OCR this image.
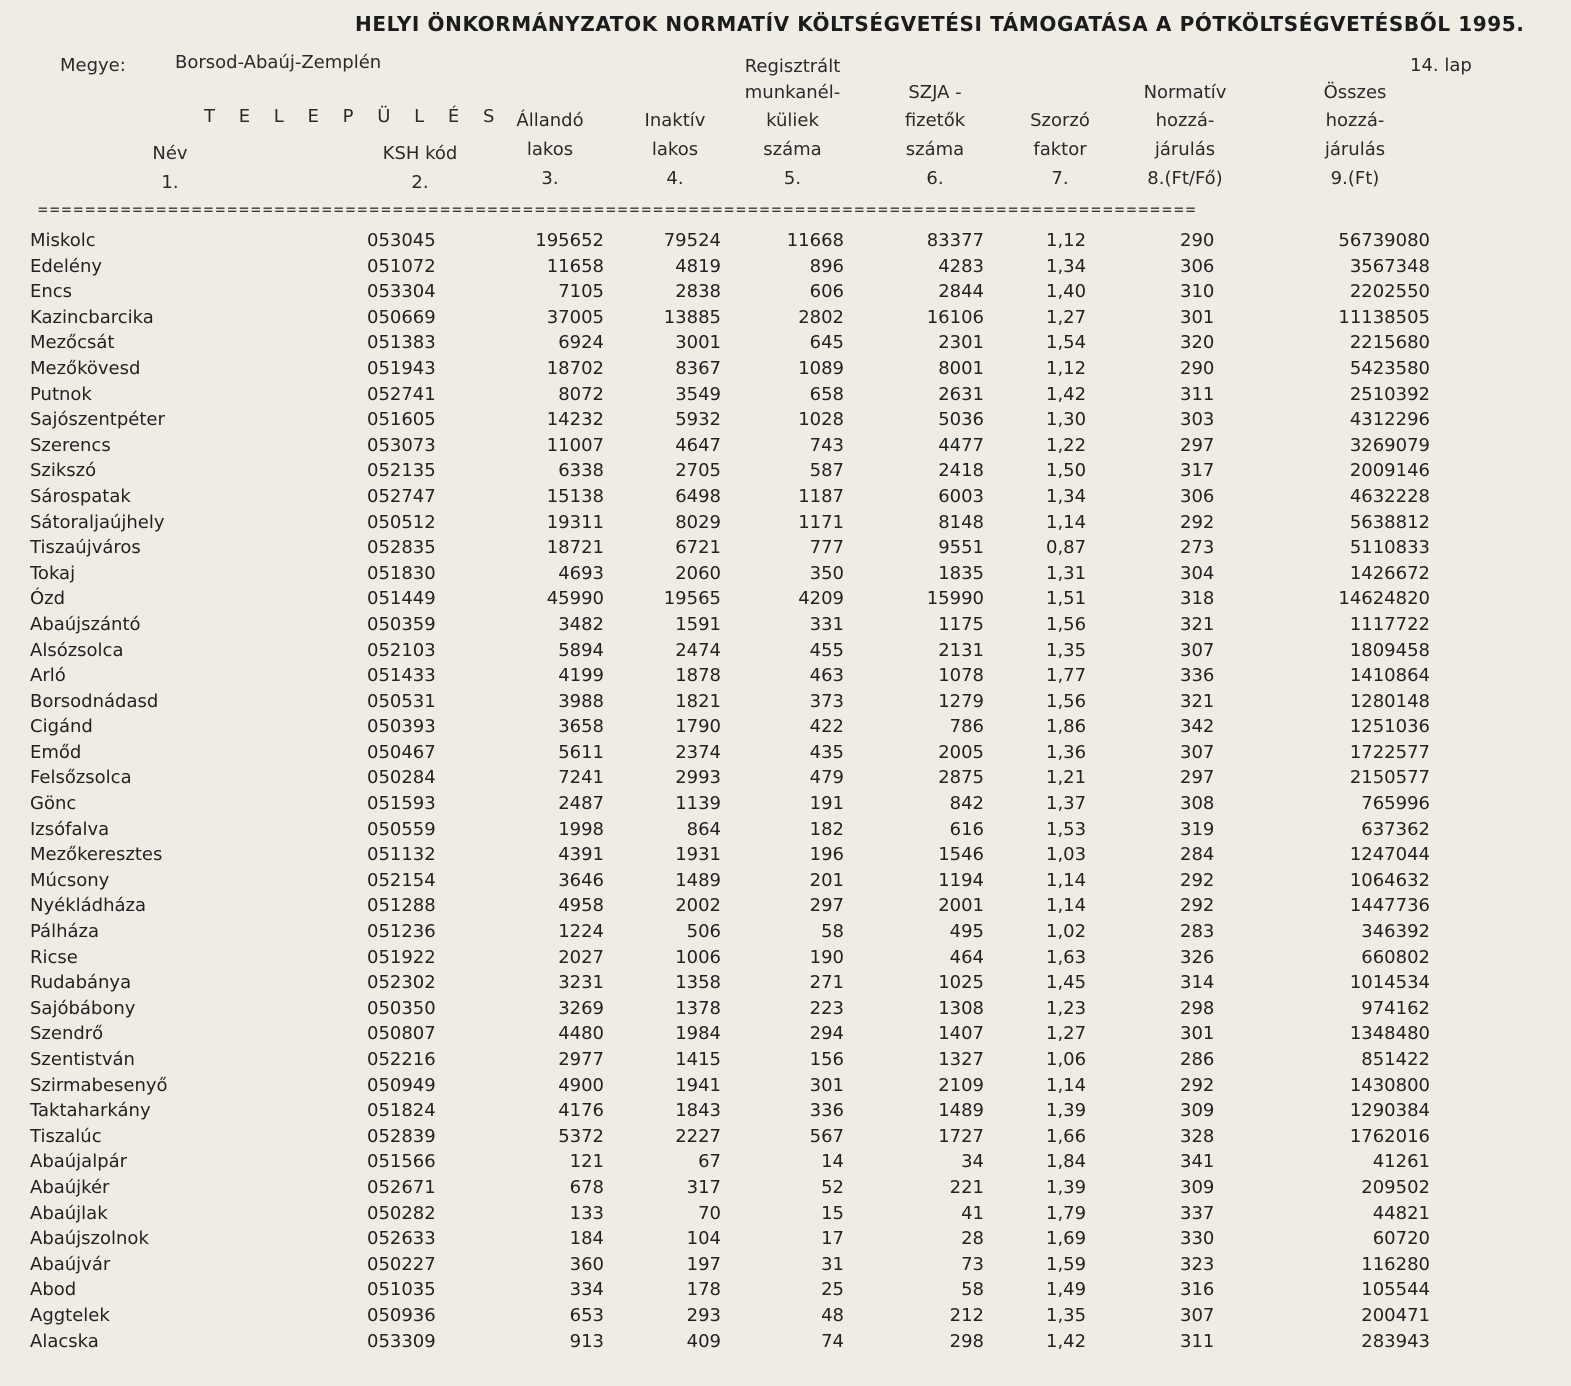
HELYI ÖNKORMÁNYZATOK NORMATÍV KÖLTSÉGVETÉSI TÁMOGATÁSA A PÓTKÖLTSÉGVETÉSBŐL 1995.
Megye:	Borsod-Abaúj-Zemplén	14. lap
T E L E P Ü L É S
Név
1.
KSH kód
2.
Állandó
lakos
3.
Inaktív
lakos
4.
Regisztrált
munkanél-
küliek
száma
5.
SZJA -
fizetők
száma
6.
Szorzó
faktor
7.
Normatív
hozzá-
járulás
8.(Ft/Fő)
Összes
hozzá-
járulás
9.(Ft)
==================================================================================================
Miskolc	053045	195652	79524	11668	83377	1,12	290	56739080
Edelény	051072	11658	4819	896	4283	1,34	306	3567348
Encs	053304	7105	2838	606	2844	1,40	310	2202550
Kazincbarcika	050669	37005	13885	2802	16106	1,27	301	11138505
Mezőcsát	051383	6924	3001	645	2301	1,54	320	2215680
Mezőkövesd	051943	18702	8367	1089	8001	1,12	290	5423580
Putnok	052741	8072	3549	658	2631	1,42	311	2510392
Sajószentpéter	051605	14232	5932	1028	5036	1,30	303	4312296
Szerencs	053073	11007	4647	743	4477	1,22	297	3269079
Szikszó	052135	6338	2705	587	2418	1,50	317	2009146
Sárospatak	052747	15138	6498	1187	6003	1,34	306	4632228
Sátoraljaújhely	050512	19311	8029	1171	8148	1,14	292	5638812
Tiszaújváros	052835	18721	6721	777	9551	0,87	273	5110833
Tokaj	051830	4693	2060	350	1835	1,31	304	1426672
Ózd	051449	45990	19565	4209	15990	1,51	318	14624820
Abaújszántó	050359	3482	1591	331	1175	1,56	321	1117722
Alsózsolca	052103	5894	2474	455	2131	1,35	307	1809458
Arló	051433	4199	1878	463	1078	1,77	336	1410864
Borsodnádasd	050531	3988	1821	373	1279	1,56	321	1280148
Cigánd	050393	3658	1790	422	786	1,86	342	1251036
Emőd	050467	5611	2374	435	2005	1,36	307	1722577
Felsőzsolca	050284	7241	2993	479	2875	1,21	297	2150577
Gönc	051593	2487	1139	191	842	1,37	308	765996
Izsófalva	050559	1998	864	182	616	1,53	319	637362
Mezőkeresztes	051132	4391	1931	196	1546	1,03	284	1247044
Múcsony	052154	3646	1489	201	1194	1,14	292	1064632
Nyékládháza	051288	4958	2002	297	2001	1,14	292	1447736
Pálháza	051236	1224	506	58	495	1,02	283	346392
Ricse	051922	2027	1006	190	464	1,63	326	660802
Rudabánya	052302	3231	1358	271	1025	1,45	314	1014534
Sajóbábony	050350	3269	1378	223	1308	1,23	298	974162
Szendrő	050807	4480	1984	294	1407	1,27	301	1348480
Szentistván	052216	2977	1415	156	1327	1,06	286	851422
Szirmabesenyő	050949	4900	1941	301	2109	1,14	292	1430800
Taktaharkány	051824	4176	1843	336	1489	1,39	309	1290384
Tiszalúc	052839	5372	2227	567	1727	1,66	328	1762016
Abaújalpár	051566	121	67	14	34	1,84	341	41261
Abaújkér	052671	678	317	52	221	1,39	309	209502
Abaújlak	050282	133	70	15	41	1,79	337	44821
Abaújszolnok	052633	184	104	17	28	1,69	330	60720
Abaújvár	050227	360	197	31	73	1,59	323	116280
Abod	051035	334	178	25	58	1,49	316	105544
Aggtelek	050936	653	293	48	212	1,35	307	200471
Alacska	053309	913	409	74	298	1,42	311	283943
